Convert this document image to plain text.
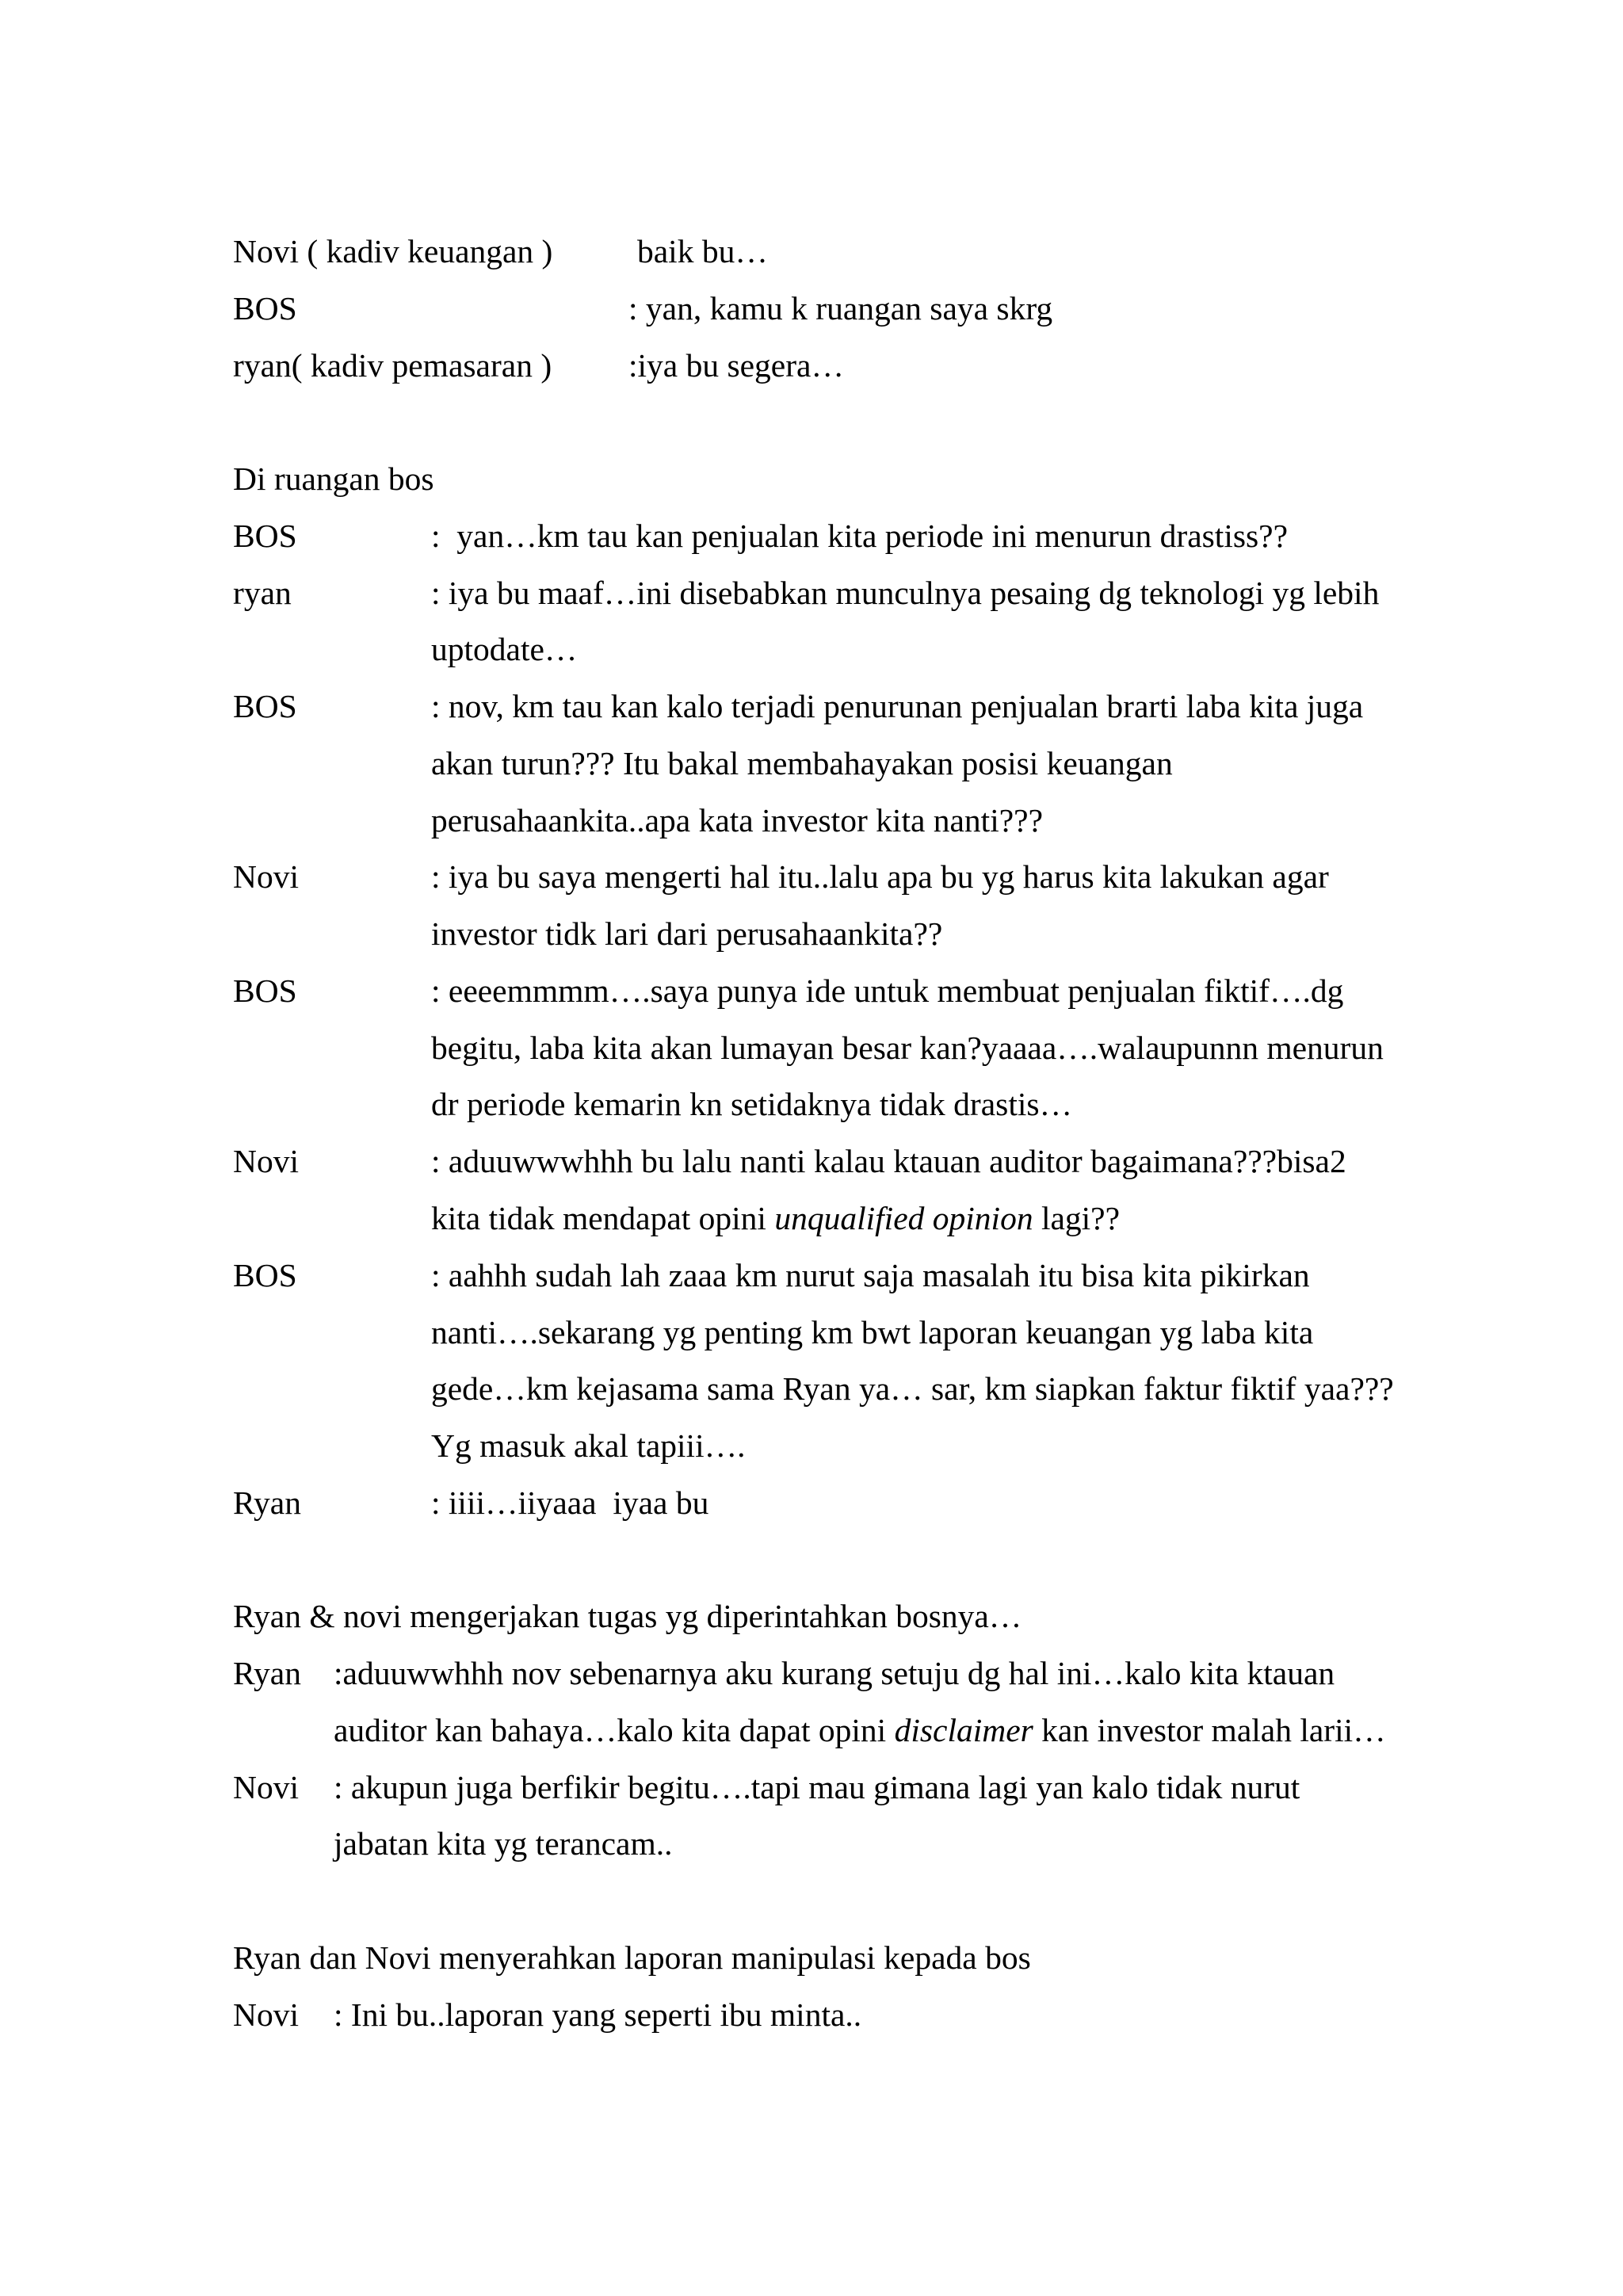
Novi ( kadiv keuangan )	baik bu…
BOS	: yan, kamu k ruangan saya skrg
ryan( kadiv pemasaran )	:iya bu segera…
Di ruangan bos
BOS	:  yan…km tau kan penjualan kita periode ini menurun drastiss??
ryan	: iya bu maaf…ini disebabkan munculnya pesaing dg teknologi yg lebih
uptodate…
BOS	: nov, km tau kan kalo terjadi penurunan penjualan brarti laba kita juga
akan turun??? Itu bakal membahayakan posisi keuangan
perusahaankita..apa kata investor kita nanti???
Novi	: iya bu saya mengerti hal itu..lalu apa bu yg harus kita lakukan agar
investor tidk lari dari perusahaankita??
BOS	: eeeemmmm….saya punya ide untuk membuat penjualan fiktif….dg
begitu, laba kita akan lumayan besar kan?yaaaa….walaupunnn menurun
dr periode kemarin kn setidaknya tidak drastis…
Novi	: aduuwwwhhh bu lalu nanti kalau ktauan auditor bagaimana???bisa2
kita tidak mendapat opini unqualified opinion lagi??
BOS	: aahhh sudah lah zaaa km nurut saja masalah itu bisa kita pikirkan
nanti….sekarang yg penting km bwt laporan keuangan yg laba kita
gede…km kejasama sama Ryan ya… sar, km siapkan faktur fiktif yaa???
Yg masuk akal tapiii….
Ryan	: iiii…iiyaaa  iyaa bu
Ryan & novi mengerjakan tugas yg diperintahkan bosnya…
Ryan :aduuwwhhh nov sebenarnya aku kurang setuju dg hal ini…kalo kita ktauan
auditor kan bahaya…kalo kita dapat opini disclaimer kan investor malah larii…
Novi	: akupun juga berfikir begitu….tapi mau gimana lagi yan kalo tidak nurut
jabatan kita yg terancam..
Ryan dan Novi menyerahkan laporan manipulasi kepada bos
Novi	: Ini bu..laporan yang seperti ibu minta..
